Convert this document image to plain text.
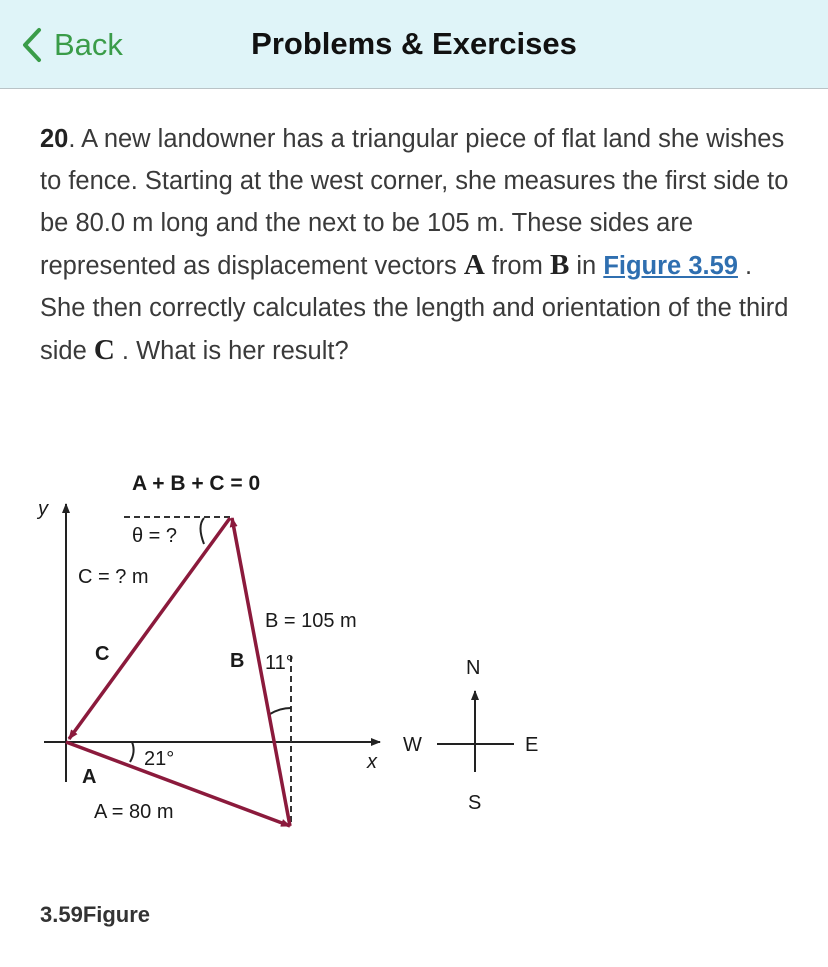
Back	Problems & Exercises
20. A new landowner has a triangular piece of flat land she wishes to fence. Starting at the west corner, she measures the first side to be 80.0 m long and the next to be 105 m. These sides are represented as displacement vectors A from B in Figure 3.59 . She then correctly calculates the length and orientation of the third side C . What is her result?
y
x
A + B + C = 0
θ = ?
C = ? m
C
B = 105 m
B 11°
21°
A
A = 80 m
N
S
E
W
3.59Figure
